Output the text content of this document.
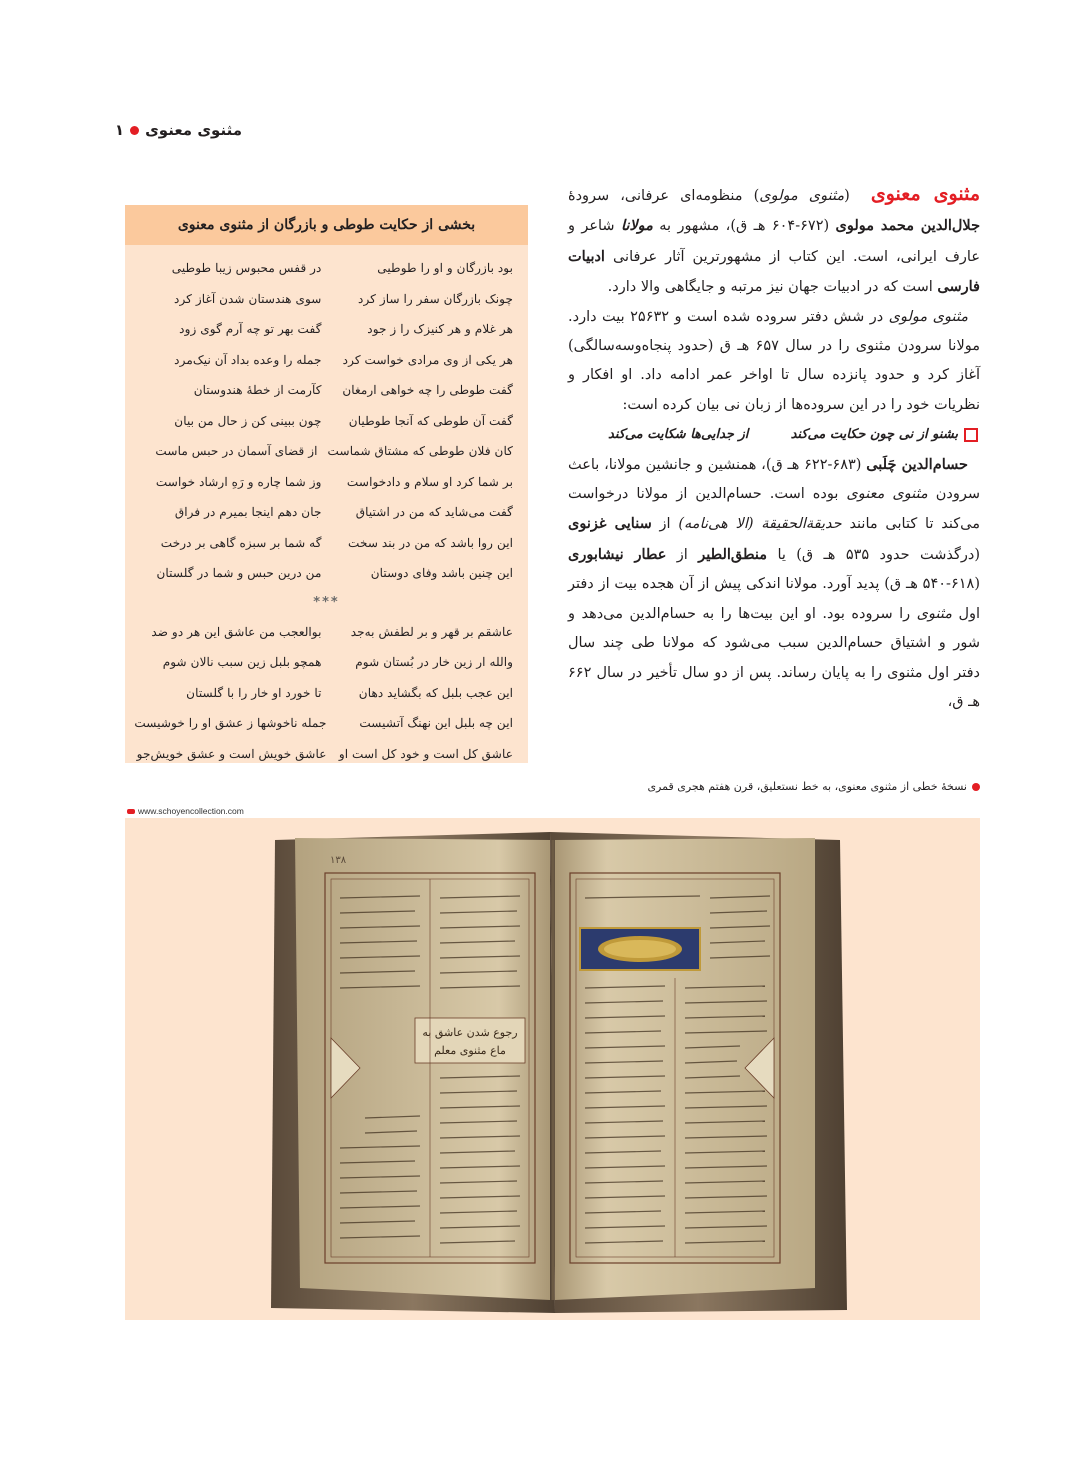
مثنوی معنوی
۱

مثنوی معنوی (مثنوی مولوی) منظومه‌ای عرفانی، سرودهٔ جلال‌الدین محمد مولوی (۶۷۲-۶۰۴ هـ ق)، مشهور به مولانا شاعر و عارف ایرانی، است. این کتاب از مشهورترین آثار عرفانی ادبیات فارسی است که در ادبیات جهان نیز مرتبه و جایگاهی والا دارد.

مثنوی مولوی در شش دفتر سروده شده است و ۲۵۶۳۲ بیت دارد. مولانا سرودن مثنوی را در سال ۶۵۷ هـ ق (حدود پنجاه‌وسه‌سالگی) آغاز کرد و حدود پانزده سال تا اواخر عمر ادامه داد. او افکار و نظریات خود را در این سروده‌ها از زبان نی بیان کرده است:

بشنو از نی چون حکایت می‌کند
از جدایی‌ها شکایت می‌کند

حسام‌الدین چَلَبی (۶۸۳-۶۲۲ هـ ق)، همنشین و جانشین مولانا، باعث سرودن مثنوی معنوی بوده است. حسام‌الدین از مولانا درخواست می‌کند تا کتابی مانند حدیقة‌الحقیقة (الا هی‌نامه) از سنایی غزنوی (درگذشت حدود ۵۳۵ هـ ق) یا منطق‌الطیر از عطار نیشابوری (۶۱۸-۵۴۰ هـ ق) پدید آورد. مولانا اندکی پیش از آن هجده بیت از دفتر اول مثنوی را سروده بود. او این بیت‌ها را به حسام‌الدین می‌دهد و شور و اشتیاق حسام‌الدین سبب می‌شود که مولانا طی چند سال دفتر اول مثنوی را به پایان رساند. پس از دو سال تأخیر در سال ۶۶۲ هـ ق،

بخشی از حکایت طوطی و بازرگان از مثنوی معنوی
بود بازرگان و او را طوطیی
در قفس محبوس زیبا طوطیی
چونک بازرگان سفر را ساز کرد
سوی هندستان شدن آغاز کرد
هر غلام و هر کنیزک را ز جود
گفت بهر تو چه آرم گوی زود
هر یکی از وی مرادی خواست کرد
جمله را وعده بداد آن نیک‌مرد
گفت طوطی را چه خواهی ارمغان
کآرمت از خطهٔ هندوستان
گفت آن طوطی که آنجا طوطیان
چون ببینی کن ز حال من بیان
کان فلان طوطی که مشتاق شماست
از قضای آسمان در حبس ماست
بر شما کرد او سلام و دادخواست
وز شما چاره و رَهِ ارشاد خواست
گفت می‌شاید که من در اشتیاق
جان دهم اینجا بمیرم در فراق
این روا باشد که من در بند سخت
گه شما بر سبزه گاهی بر درخت
این چنین باشد وفای دوستان
من درین حبس و شما در گلستان
***
عاشقم بر قهر و بر لطفش به‌جد
بوالعجب من عاشق این هر دو ضد
والله ار زین خار در بُستان شوم
همچو بلبل زین سبب نالان شوم
این عجب بلبل که بگشاید دهان
تا خورد او خار را با گلستان
این چه بلبل این نهنگ آتشیست
جمله ناخوشها ز عشق او را خوشیست
عاشق کل است و خود کل است او
عاشق خویش است و عشق خویش‌جو
نسخهٔ خطی از مثنوی معنوی، به خط نستعلیق، قرن هفتم هجری قمری
www.schoyencollection.com
رجوع شدن عاشق به
ماع مثنوی معلم
۱۳۸
